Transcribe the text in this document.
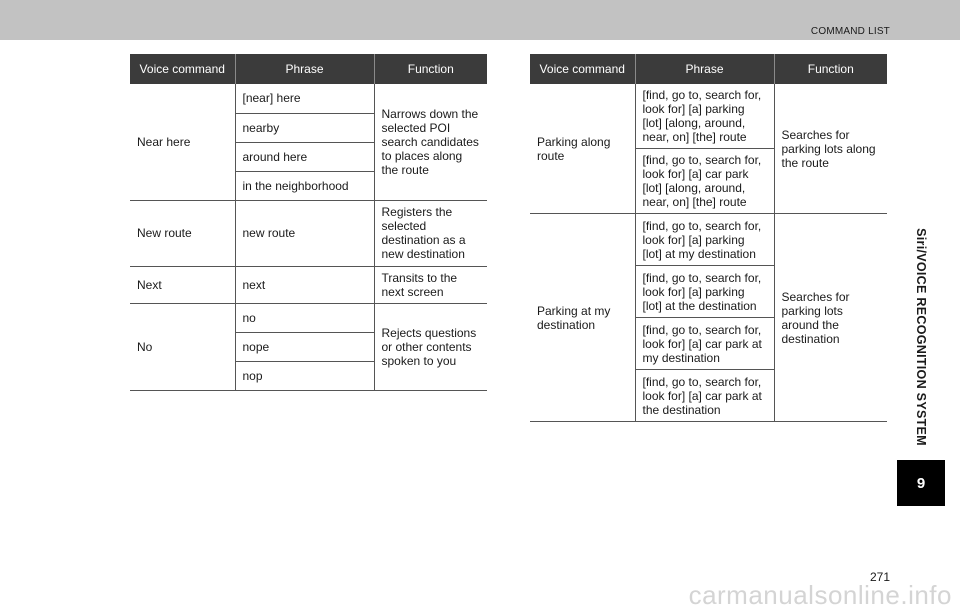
COMMAND LIST
Voice command	Phrase	Function
Near here	[near] here	Narrows down the selected POI search candidates to places along the route
	nearby	
	around here	
	in the neighborhood	
New route	new route	Registers the selected destination as a new destination
Next	next	Transits to the next screen
No	no	Rejects questions or other contents spoken to you
	nope	
	nop	
Voice command	Phrase	Function
Parking along route	[find, go to, search for, look for] [a] parking [lot] [along, around, near, on] [the] route	Searches for parking lots along the route
	[find, go to, search for, look for] [a] car park [lot] [along, around, near, on] [the] route	
Parking at my destination	[find, go to, search for, look for] [a] parking [lot] at my destination	Searches for parking lots around the destination
	[find, go to, search for, look for] [a] parking [lot] at the destination	
	[find, go to, search for, look for] [a] car park at my destination	
	[find, go to, search for, look for] [a] car park at the destination		Siri/VOICE RECOGNITION SYSTEM
9
271
carmanualsonline.info
